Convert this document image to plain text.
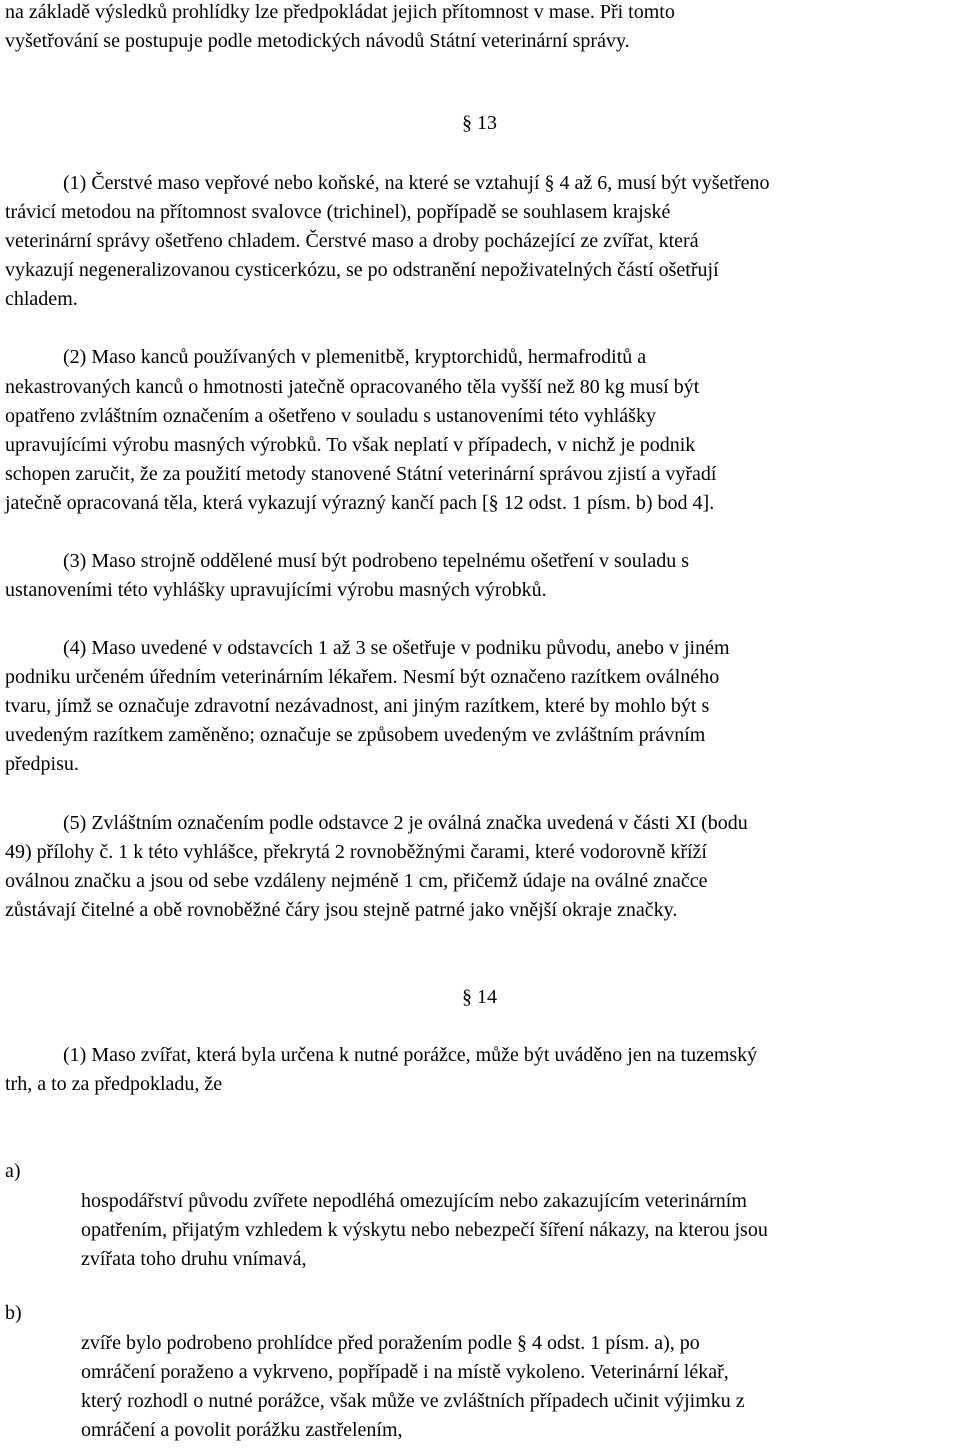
na základě výsledků prohlídky lze předpokládat jejich přítomnost v mase. Při tomto
vyšetřování se postupuje podle metodických návodů Státní veterinární správy.
§ 13
(1) Čerstvé maso vepřové nebo koňské, na které se vztahují § 4 až 6, musí být vyšetřeno
trávicí metodou na přítomnost svalovce (trichinel), popřípadě se souhlasem krajské
veterinární správy ošetřeno chladem. Čerstvé maso a droby pocházející ze zvířat, která
vykazují negeneralizovanou cysticerkózu, se po odstranění nepoživatelných částí ošetřují
chladem.
(2) Maso kanců používaných v plemenitbě, kryptorchidů, hermafroditů a
nekastrovaných kanců o hmotnosti jatečně opracovaného těla vyšší než 80 kg musí být
opatřeno zvláštním označením a ošetřeno v souladu s ustanoveními této vyhlášky
upravujícími výrobu masných výrobků. To však neplatí v případech, v nichž je podnik
schopen zaručit, že za použití metody stanovené Státní veterinární správou zjistí a vyřadí
jatečně opracovaná těla, která vykazují výrazný kančí pach [§ 12 odst. 1 písm. b) bod 4].
(3) Maso strojně oddělené musí být podrobeno tepelnému ošetření v souladu s
ustanoveními této vyhlášky upravujícími výrobu masných výrobků.
(4) Maso uvedené v odstavcích 1 až 3 se ošetřuje v podniku původu, anebo v jiném
podniku určeném úředním veterinárním lékařem. Nesmí být označeno razítkem oválného
tvaru, jímž se označuje zdravotní nezávadnost, ani jiným razítkem, které by mohlo být s
uvedeným razítkem zaměněno; označuje se způsobem uvedeným ve zvláštním právním
předpisu.
(5) Zvláštním označením podle odstavce 2 je oválná značka uvedená v části XI (bodu
49) přílohy č. 1 k této vyhlášce, překrytá 2 rovnoběžnými čarami, které vodorovně kříží
oválnou značku a jsou od sebe vzdáleny nejméně 1 cm, přičemž údaje na oválné značce
zůstávají čitelné a obě rovnoběžné čáry jsou stejně patrné jako vnější okraje značky.
§ 14
(1) Maso zvířat, která byla určena k nutné porážce, může být uváděno jen na tuzemský
trh, a to za předpokladu, že
a)
hospodářství původu zvířete nepodléhá omezujícím nebo zakazujícím veterinárním
opatřením, přijatým vzhledem k výskytu nebo nebezpečí šíření nákazy, na kterou jsou
zvířata toho druhu vnímavá,
b)
zvíře bylo podrobeno prohlídce před poražením podle § 4 odst. 1 písm. a), po
omráčení poraženo a vykrveno, popřípadě i na místě vykoleno. Veterinární lékař,
který rozhodl o nutné porážce, však může ve zvláštních případech učinit výjimku z
omráčení a povolit porážku zastřelením,
